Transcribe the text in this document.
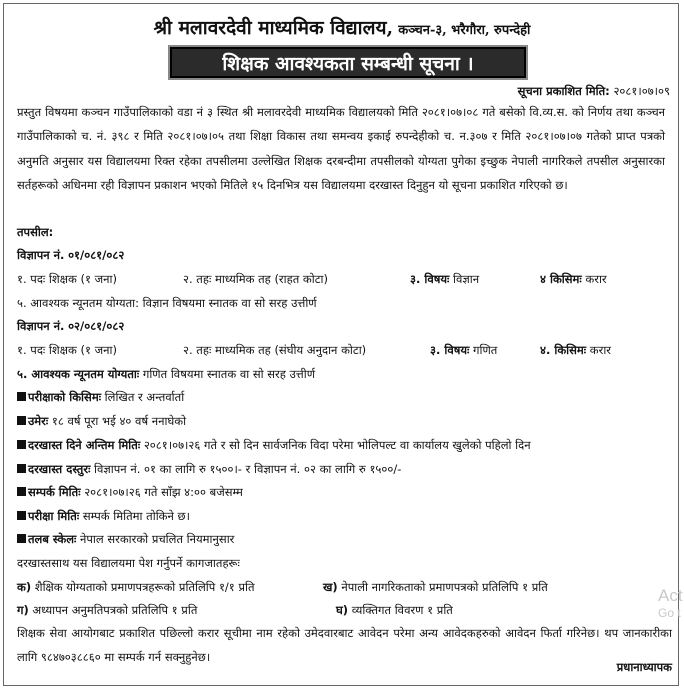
श्री मलावरदेवी माध्यमिक विद्यालय, कञ्चन-३, भरैगौरा, रुपन्देही
शिक्षक आवश्यकता सम्बन्धी सूचना ।
सूचना प्रकाशित मिति: २०८१।०७।०९
प्रस्तुत विषयमा कञ्चन गाउँपालिकाको वडा नं ३ स्थित श्री मलावरदेवी माध्यमिक विद्यालयको मिति २०८१।०७।०८ गते बसेको वि.व्य.स. को निर्णय तथा कञ्चन गाउँपालिकाको च. नं. ३९८ र मिति २०८१।०७।०५ तथा शिक्षा विकास तथा समन्वय इकाई रुपन्देहीको च. न.३०७ र मिति २०८१।०७।०७ गतेको प्राप्त पत्रको अनुमति अनुसार यस विद्यालयमा रिक्त रहेका तपसीलमा उल्लेखित शिक्षक दरबन्दीमा तपसीलको योग्यता पुगेका इच्छुक नेपाली नागरिकले तपसील अनुसारका सर्तहरूको अधिनमा रही विज्ञापन प्रकाशन भएको मितिले १५ दिनभित्र यस विद्यालयमा दरखास्त दिनुहुन यो सूचना प्रकाशित गरिएको छ।
तपसील:
विज्ञापन नं. ०१/०८१/०८२
१. पदः शिक्षक (१ जना)	२. तहः माध्यमिक तह (राहत कोटा)	३. विषयः विज्ञान	४ किसिमः करार
५. आवश्यक न्यूनतम योग्यता: विज्ञान विषयमा स्नातक वा सो सरह उत्तीर्ण
विज्ञापन नं. ०२/०८१/०८२
१. पदः शिक्षक (१ जना)	२. तहः माध्यमिक तह (संघीय अनुदान कोटा)	३. विषयः गणित	४. किसिमः करार
५. आवश्यक न्यूनतम योग्यताः गणित विषयमा स्नातक वा सो सरह उत्तीर्ण
परीक्षाको किसिमः लिखित र अन्तर्वार्ता
उमेरः १८ वर्ष पूरा भई ४० वर्ष ननाघेको
दरखास्त दिने अन्तिम मितिः २०८१।०७।२६ गते र सो दिन सार्वजनिक विदा परेमा भोलिपल्ट वा कार्यालय खुलेको पहिलो दिन
दरखास्त दस्तुरः विज्ञापन नं. ०१ का लागि रु १५००।- र विज्ञापन नं. ०२ का लागि रु १५००/-
सम्पर्क मितिः २०८१।०७।२६ गते साँझ ४:०० बजेसम्म
परीक्षा मितिः सम्पर्क मितिमा तोकिने छ।
तलब स्केलः नेपाल सरकारको प्रचलित नियमानुसार
दरखास्तसाथ यस विद्यालयमा पेश गर्नुपर्ने कागजातहरूः
क) शैक्षिक योग्यताको प्रमाणपत्रहरूको प्रतिलिपि १/१ प्रति	ख) नेपाली नागरिकताको प्रमाणपत्रको प्रतिलिपि १ प्रति
ग) अध्यापन अनुमतिपत्रको प्रतिलिपि १ प्रति	घ) व्यक्तिगत विवरण १ प्रति
शिक्षक सेवा आयोगबाट प्रकाशित पछिल्लो करार सूचीमा नाम रहेको उमेदवारबाट आवेदन परेमा अन्य आवेदकहरुको आवेदन फिर्ता गरिनेछ। थप जानकारीका लागि ९८४७०३८८६० मा सम्पर्क गर्न सक्नुहुनेछ।
प्रधानाध्यापक
Act
Go t
